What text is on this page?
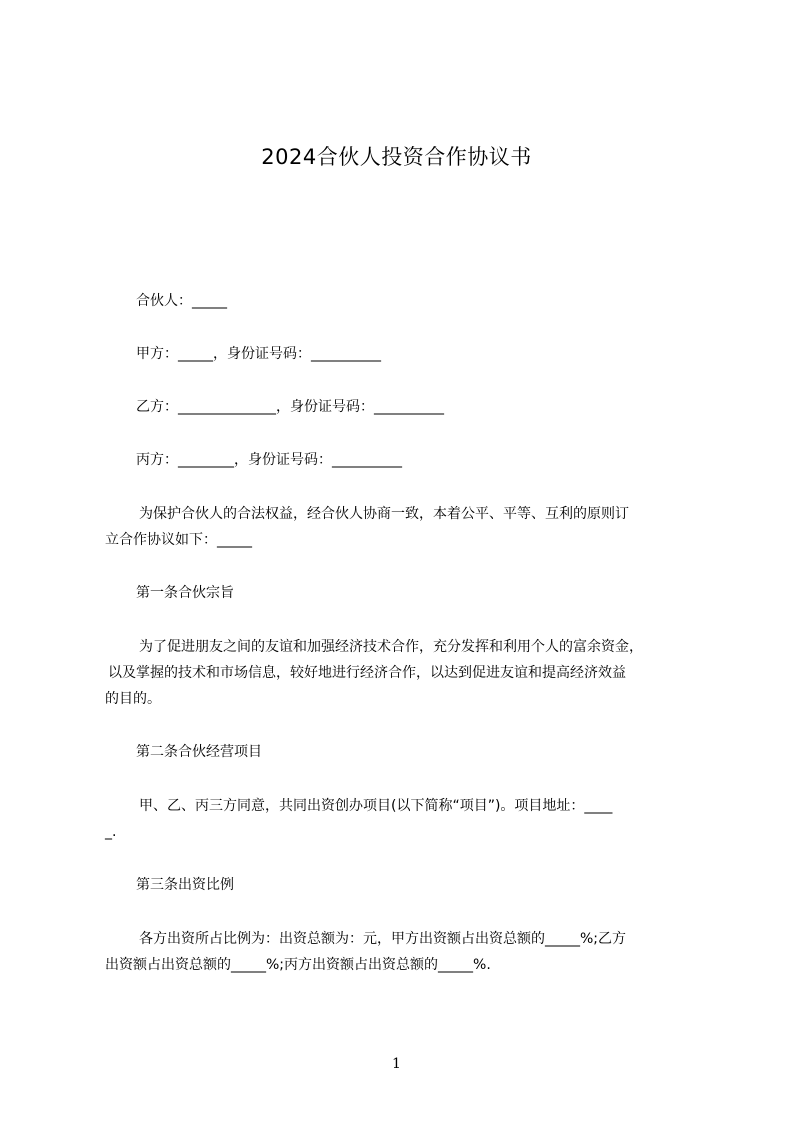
2024合伙人投资合作协议书
合伙人：_____
甲方：_____，身份证号码：__________
乙方：______________，身份证号码：__________
丙方：________，身份证号码：__________
为保护合伙人的合法权益，经合伙人协商一致，本着公平、平等、互利的原则订
立合作协议如下：_____
第一条合伙宗旨
为了促进朋友之间的友谊和加强经济技术合作，充分发挥和利用个人的富余资金，
以及掌握的技术和市场信息，较好地进行经济合作，以达到促进友谊和提高经济效益
的目的。
第二条合伙经营项目
甲、乙、丙三方同意，共同出资创办项目(以下简称“项目”)。项目地址：____
_.
第三条出资比例
各方出资所占比例为：出资总额为：元，甲方出资额占出资总额的_____%;乙方
出资额占出资总额的_____%;丙方出资额占出资总额的_____%.
1
